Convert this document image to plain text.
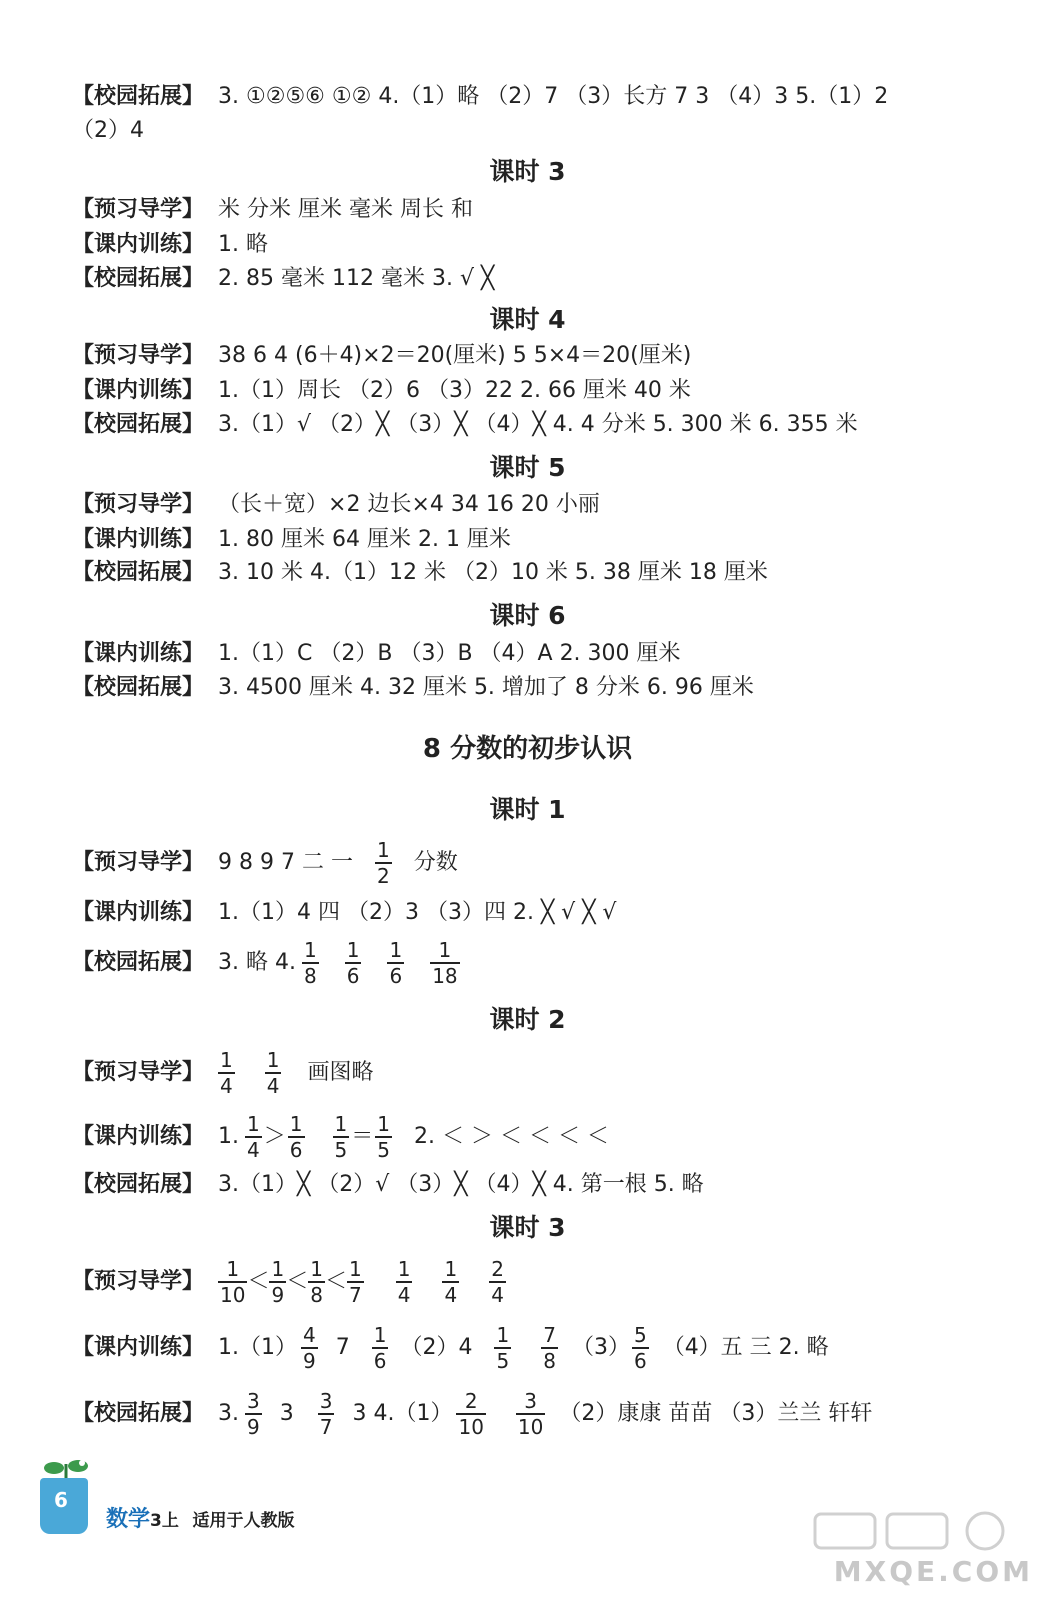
【校园拓展】 3. ①②⑤⑥ ①② 4.（1）略 （2）7 （3）长方 7 3 （4）3 5.（1）2
（2）4
课时 3
【预习导学】 米 分米 厘米 毫米 周长 和
【课内训练】 1. 略
【校园拓展】 2. 85 毫米 112 毫米 3. √ ╳
课时 4
【预习导学】 38 6 4 (6＋4)×2＝20(厘米) 5 5×4＝20(厘米)
【课内训练】 1.（1）周长 （2）6 （3）22 2. 66 厘米 40 米
【校园拓展】 3.（1）√ （2）╳ （3）╳ （4）╳ 4. 4 分米 5. 300 米 6. 355 米
课时 5
【预习导学】 （长＋宽）×2 边长×4 34 16 20 小丽
【课内训练】 1. 80 厘米 64 厘米 2. 1 厘米
【校园拓展】 3. 10 米 4.（1）12 米 （2）10 米 5. 38 厘米 18 厘米
课时 6
【课内训练】 1.（1）C （2）B （3）B （4）A 2. 300 厘米
【校园拓展】 3. 4500 厘米 4. 32 厘米 5. 增加了 8 分米 6. 96 厘米
8 分数的初步认识
课时 1
【预习导学】 9 8 9 7 二 一 $\frac{1}{2}$ 分数
【课内训练】 1.（1）4 四 （2）3 （3）四 2. ╳ √ ╳ √
【校园拓展】 3. 略 4. $\frac{1}{8} \frac{1}{6} \frac{1}{6} \frac{1}{18}$
课时 2
【预习导学】 $\frac{1}{4} \frac{1}{4}$ 画图略
【课内训练】 1. $\frac{1}{4} > \frac{1}{6} \frac{1}{5} = \frac{1}{5} 2$. ＜ ＞ ＜ ＜ ＜ ＜
【校园拓展】 3.（1）╳ （2）√ （3）╳ （4）╳ 4. 第一根 5. 略
课时 3
【预习导学】 $\frac{1}{10} < \frac{1}{9} < \frac{1}{8} < \frac{1}{7} \frac{1}{4} \frac{1}{4} \frac{2}{4}$
【课内训练】 $1.(1) \frac{4}{9} 7 \frac{1}{6} (2)4 \frac{1}{5} \frac{7}{8} (3) \frac{5}{6} (4)$五 三 2. 略
【校园拓展】 3. $\frac{3}{9} 3 \frac{3}{7} 3$ $4.(1) \frac{2}{10} \frac{3}{10} (2)$康康 苗苗 （3）兰兰 轩轩
6
数学3上 适用于人教版
MXQE.COM
